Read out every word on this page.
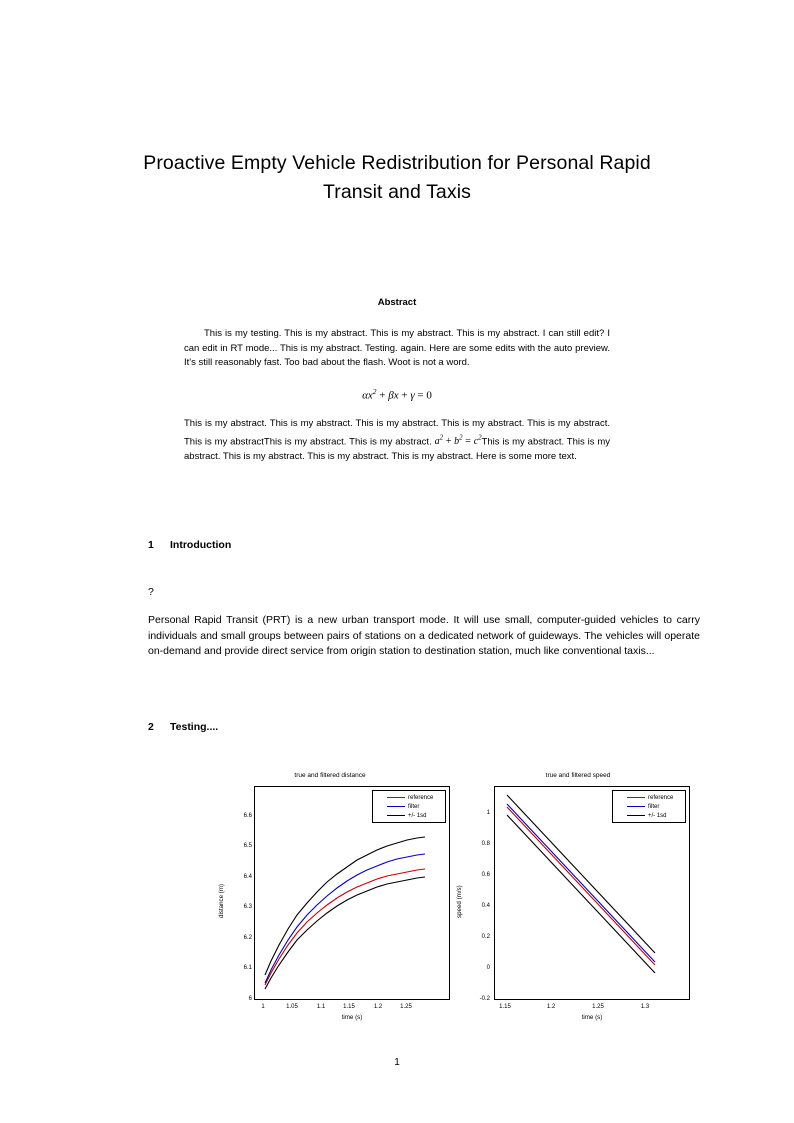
Proactive Empty Vehicle Redistribution for Personal Rapid Transit and Taxis
Abstract

This is my testing. This is my abstract. This is my abstract. This is my abstract. I can still edit? I can edit in RT mode... This is my abstract. Testing. again. Here are some edits with the auto preview. It's still reasonably fast. Too bad about the flash. Woot is not a word.

$\alpha x^2 + \beta x + \gamma = 0$

This is my abstract. This is my abstract. This is my abstract. This is my abstract. This is my abstract. This is my abstractThis is my abstract. This is my abstract. $a^2 + b^2$ = $c^2This$ is my abstract. This is my abstract. This is my abstract. This is my abstract. This is my abstract. Here is some more text.

1 Introduction
?
Personal Rapid Transit (PRT) is a new urban transport mode. It will use small, computer-guided vehicles to carry individuals and small groups between pairs of stations on a dedicated network of guideways. The vehicles will operate on-demand and provide direct service from origin station to destination station, much like conventional taxis...
2 Testing....
true and filtered distance
reference
filter
+/- 1sd
6
6.1
6.2
6.3
6.4
6.5
6.6
1	1.05	1.1	1.15	1.2	1.25
time (s)
distance (m)
true and filtered speed
reference
filter
+/- 1sd
-0.2
0
0.2
0.4
0.6
0.8
1
1.15	1.2	1.25	1.3
time (s)
speed (m/s)
1
